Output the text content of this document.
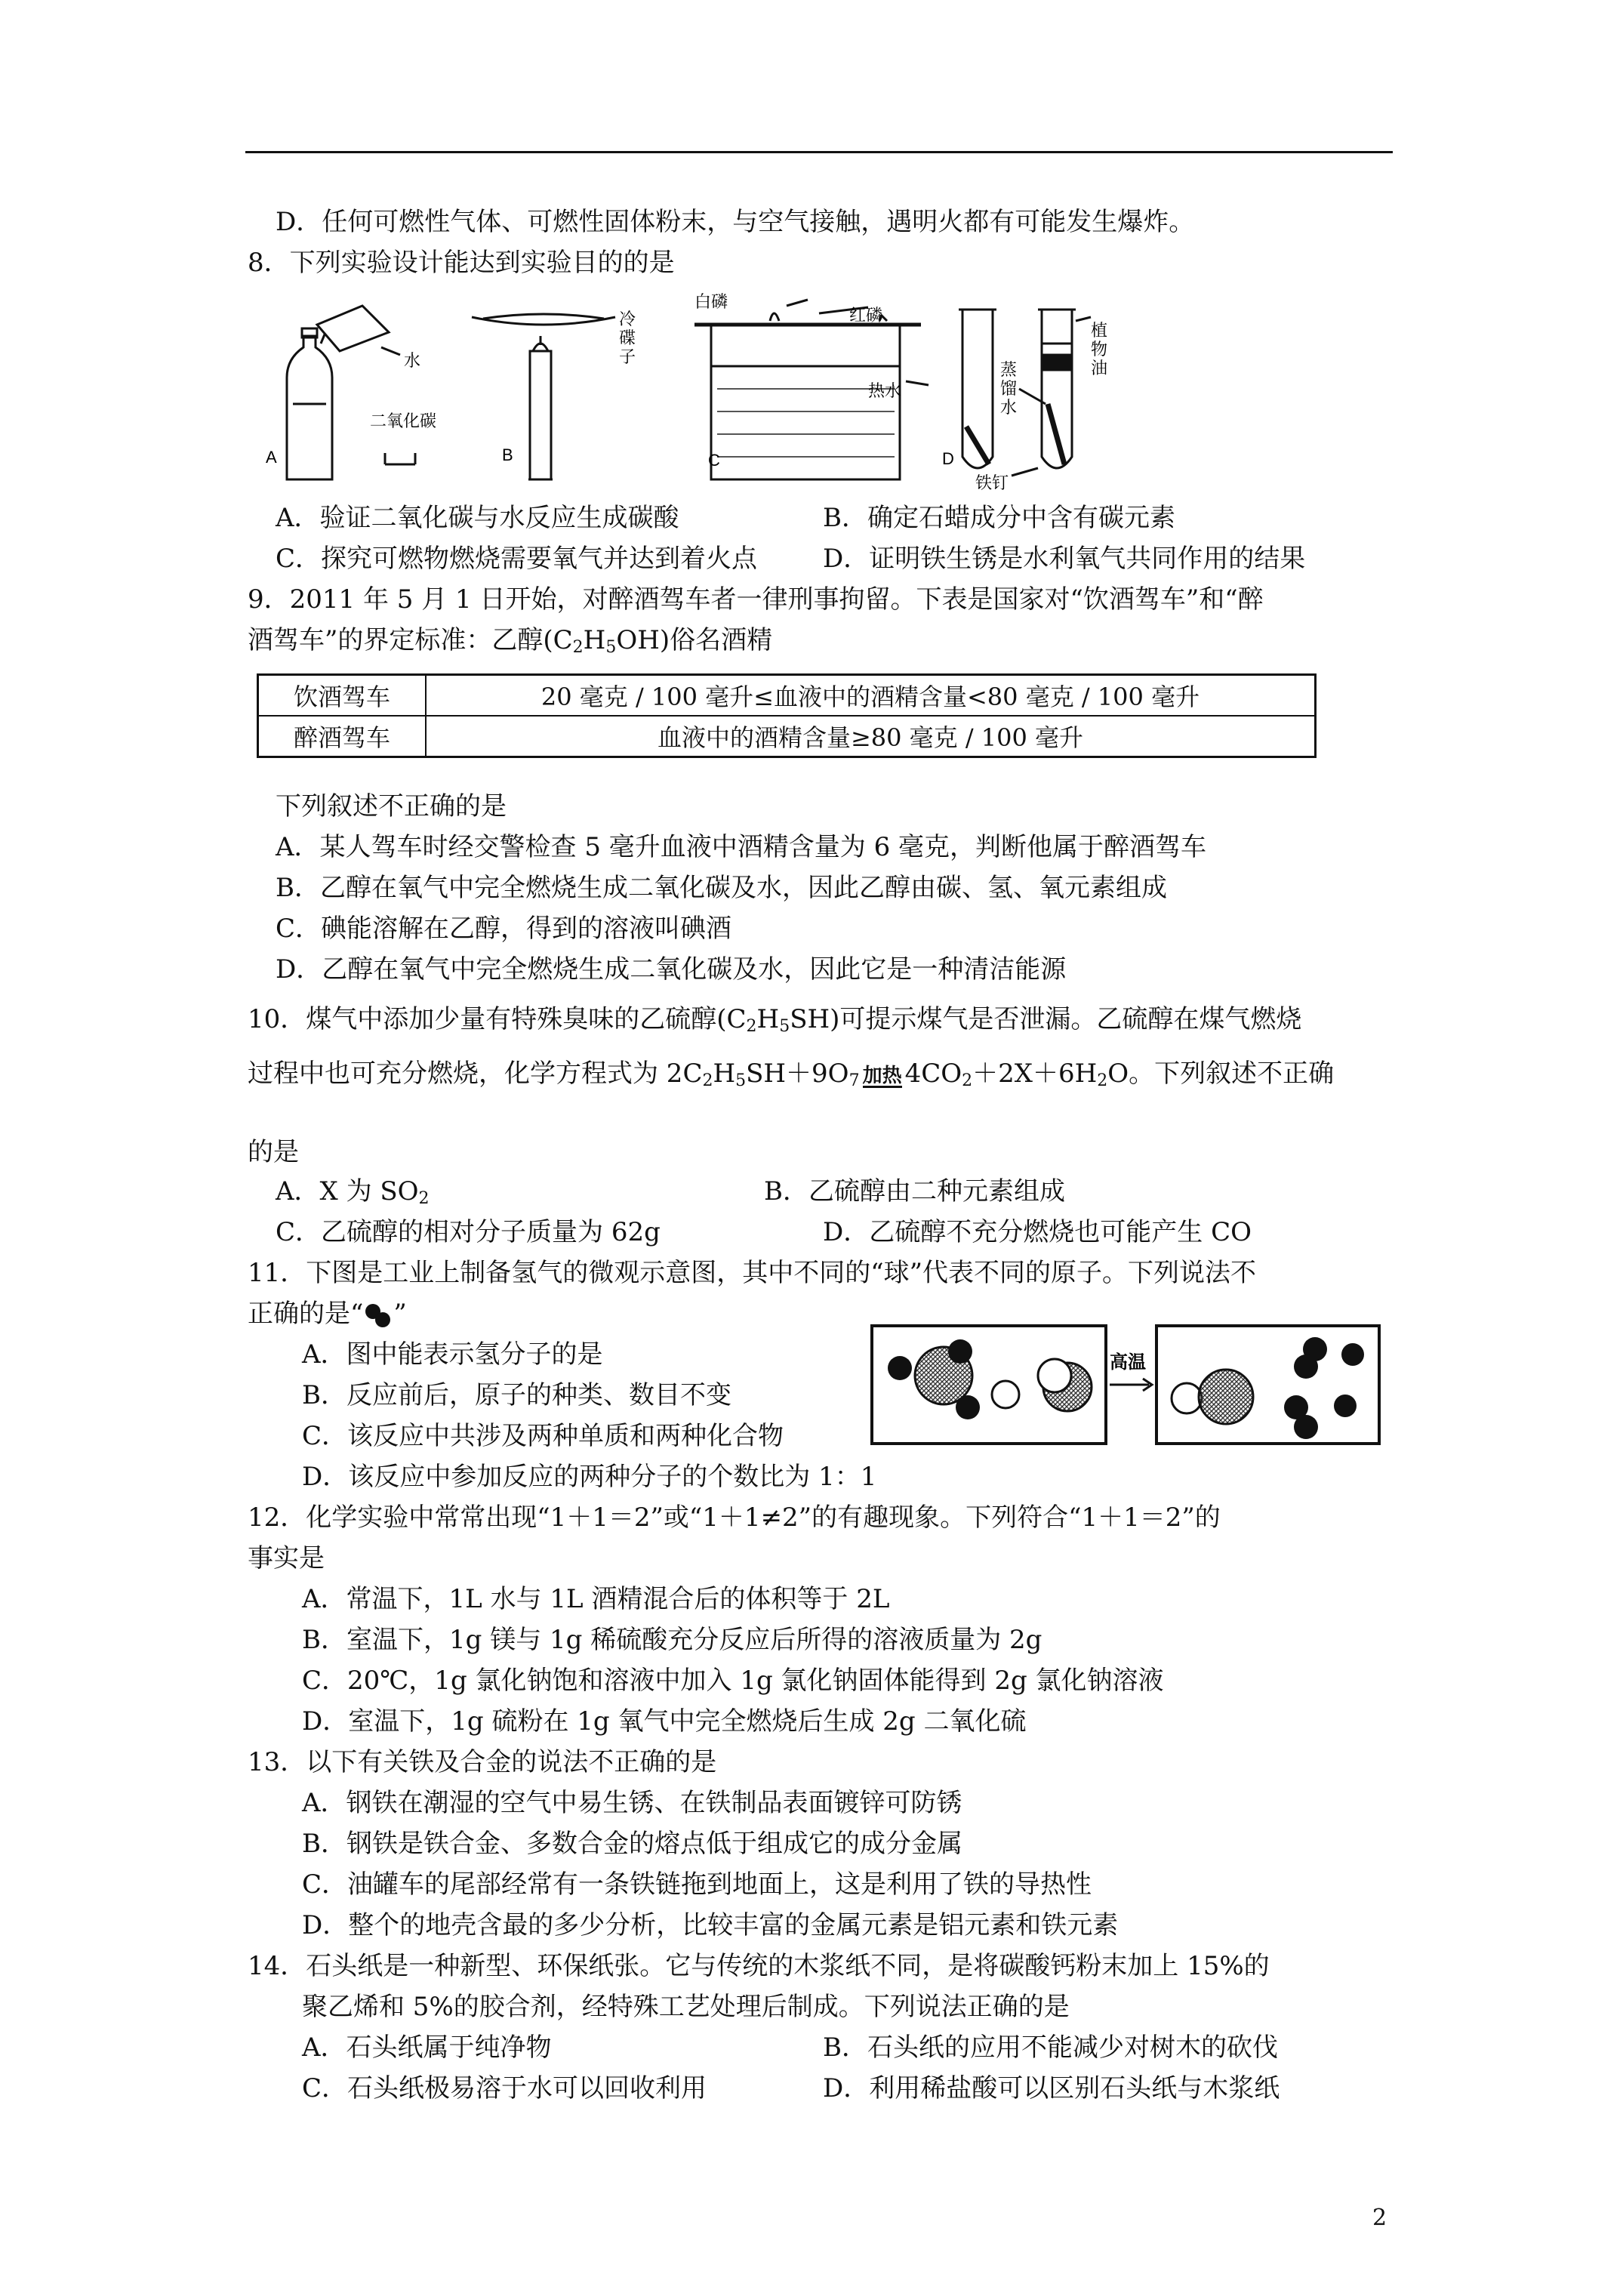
D．任何可燃性气体、可燃性固体粉末，与空气接触，遇明火都有可能发生爆炸。
8．下列实验设计能达到实验目的的是
A
水
二氧化碳
B
冷碟子
C
白磷
红磷
热水
D
蒸馏水
植物油
铁钉
A．验证二氧化碳与水反应生成碳酸	B．确定石蜡成分中含有碳元素
C．探究可燃物燃烧需要氧气并达到着火点	D．证明铁生锈是水利氧气共同作用的结果
9．2011 年 5 月 1 日开始，对醉酒驾车者一律刑事拘留。下表是国家对“饮酒驾车”和“醉
酒驾车”的界定标准：乙醇$(C_2H_5OH)$俗名酒精
饮酒驾车	20 毫克 / 100 毫升≤血液中的酒精含量<80 毫克 / 100 毫升
醉酒驾车	血液中的酒精含量≥80 毫克 / 100 毫升
下列叙述不正确的是
A．某人驾车时经交警检查 5 毫升血液中酒精含量为 6 毫克，判断他属于醉酒驾车
B．乙醇在氧气中完全燃烧生成二氧化碳及水，因此乙醇由碳、氢、氧元素组成
C．碘能溶解在乙醇，得到的溶液叫碘酒
D．乙醇在氧气中完全燃烧生成二氧化碳及水，因此它是一种清洁能源
10．煤气中添加少量有特殊臭味的乙硫醇$(C_2H_5SH)$可提示煤气是否泄漏。乙硫醇在煤气燃烧
过程中也可充分燃烧，化学方程式为 $2C_2H_5SH+9O_7$ 加热 $4CO_2+2X+6H_2O$。下列叙述不正确
的是
A．X 为 $SO_2$	B．乙硫醇由二种元素组成
C．乙硫醇的相对分子质量为 62g	D．乙硫醇不充分燃烧也可能产生 CO
11．下图是工业上制备氢气的微观示意图，其中不同的“球”代表不同的原子。下列说法不
正确的是“ ”
高温
A．图中能表示氢分子的是
B．反应前后，原子的种类、数目不变
C．该反应中共涉及两种单质和两种化合物
D．该反应中参加反应的两种分子的个数比为 1：1
12．化学实验中常常出现“1＋1＝2”或“1＋1≠2”的有趣现象。下列符合“1＋1＝2”的
事实是
A．常温下，1L 水与 1L 酒精混合后的体积等于 2L
B．室温下，1g 镁与 1g 稀硫酸充分反应后所得的溶液质量为 2g
C．20℃，1g 氯化钠饱和溶液中加入 1g 氯化钠固体能得到 2g 氯化钠溶液
D．室温下，1g 硫粉在 1g 氧气中完全燃烧后生成 2g 二氧化硫
13．以下有关铁及合金的说法不正确的是
A．钢铁在潮湿的空气中易生锈、在铁制品表面镀锌可防锈
B．钢铁是铁合金、多数合金的熔点低于组成它的成分金属
C．油罐车的尾部经常有一条铁链拖到地面上，这是利用了铁的导热性
D．整个的地壳含最的多少分析，比较丰富的金属元素是铝元素和铁元素
14．石头纸是一种新型、环保纸张。它与传统的木浆纸不同，是将碳酸钙粉末加上 15%的
聚乙烯和 5%的胶合剂，经特殊工艺处理后制成。下列说法正确的是
A．石头纸属于纯净物	B．石头纸的应用不能减少对树木的砍伐
C．石头纸极易溶于水可以回收利用	D．利用稀盐酸可以区别石头纸与木浆纸
2
